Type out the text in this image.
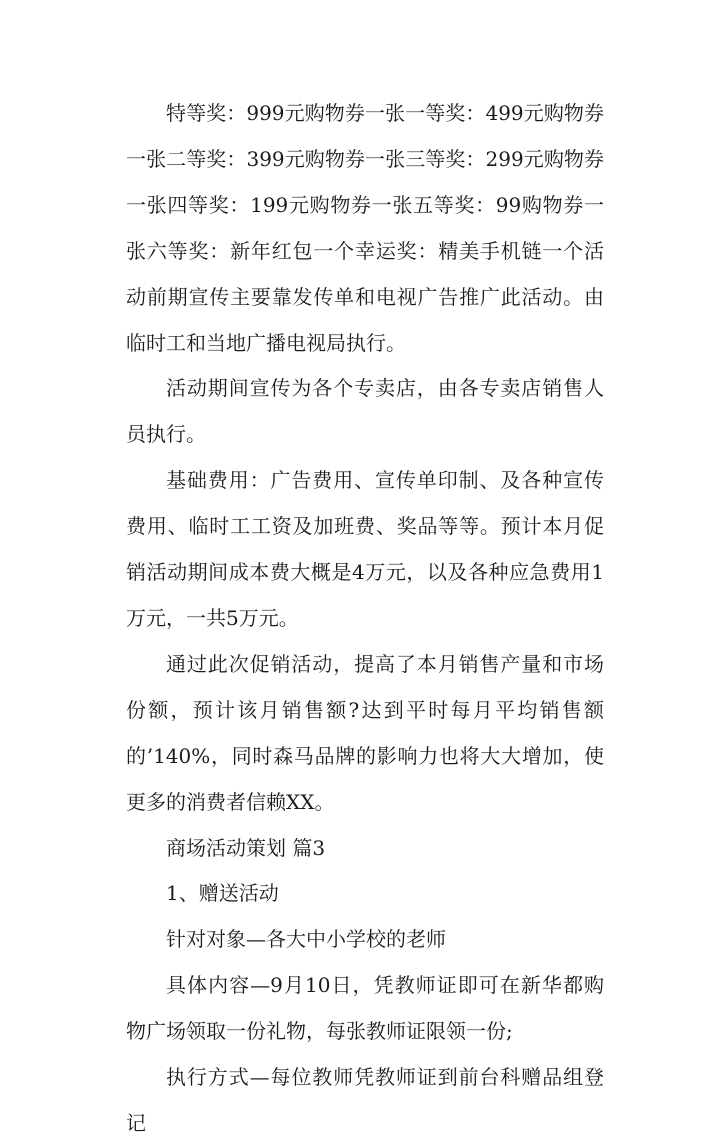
特等奖：999元购物券一张一等奖：499元购物券一张二等奖：399元购物券一张三等奖：299元购物券一张四等奖：199元购物券一张五等奖：99购物券一张六等奖：新年红包一个幸运奖：精美手机链一个活动前期宣传主要靠发传单和电视广告推广此活动。由临时工和当地广播电视局执行。

活动期间宣传为各个专卖店，由各专卖店销售人员执行。

基础费用：广告费用、宣传单印制、及各种宣传费用、临时工工资及加班费、奖品等等。预计本月促销活动期间成本费大概是4万元，以及各种应急费用1万元，一共5万元。

通过此次促销活动，提高了本月销售产量和市场份额，预计该月销售额?达到平时每月平均销售额的’140%，同时森马品牌的影响力也将大大增加，使更多的消费者信赖XX。

商场活动策划 篇3

1、赠送活动

针对对象—各大中小学校的老师

具体内容—9月10日，凭教师证即可在新华都购物广场领取一份礼物，每张教师证限领一份;

执行方式—每位教师凭教师证到前台科赠品组登记
